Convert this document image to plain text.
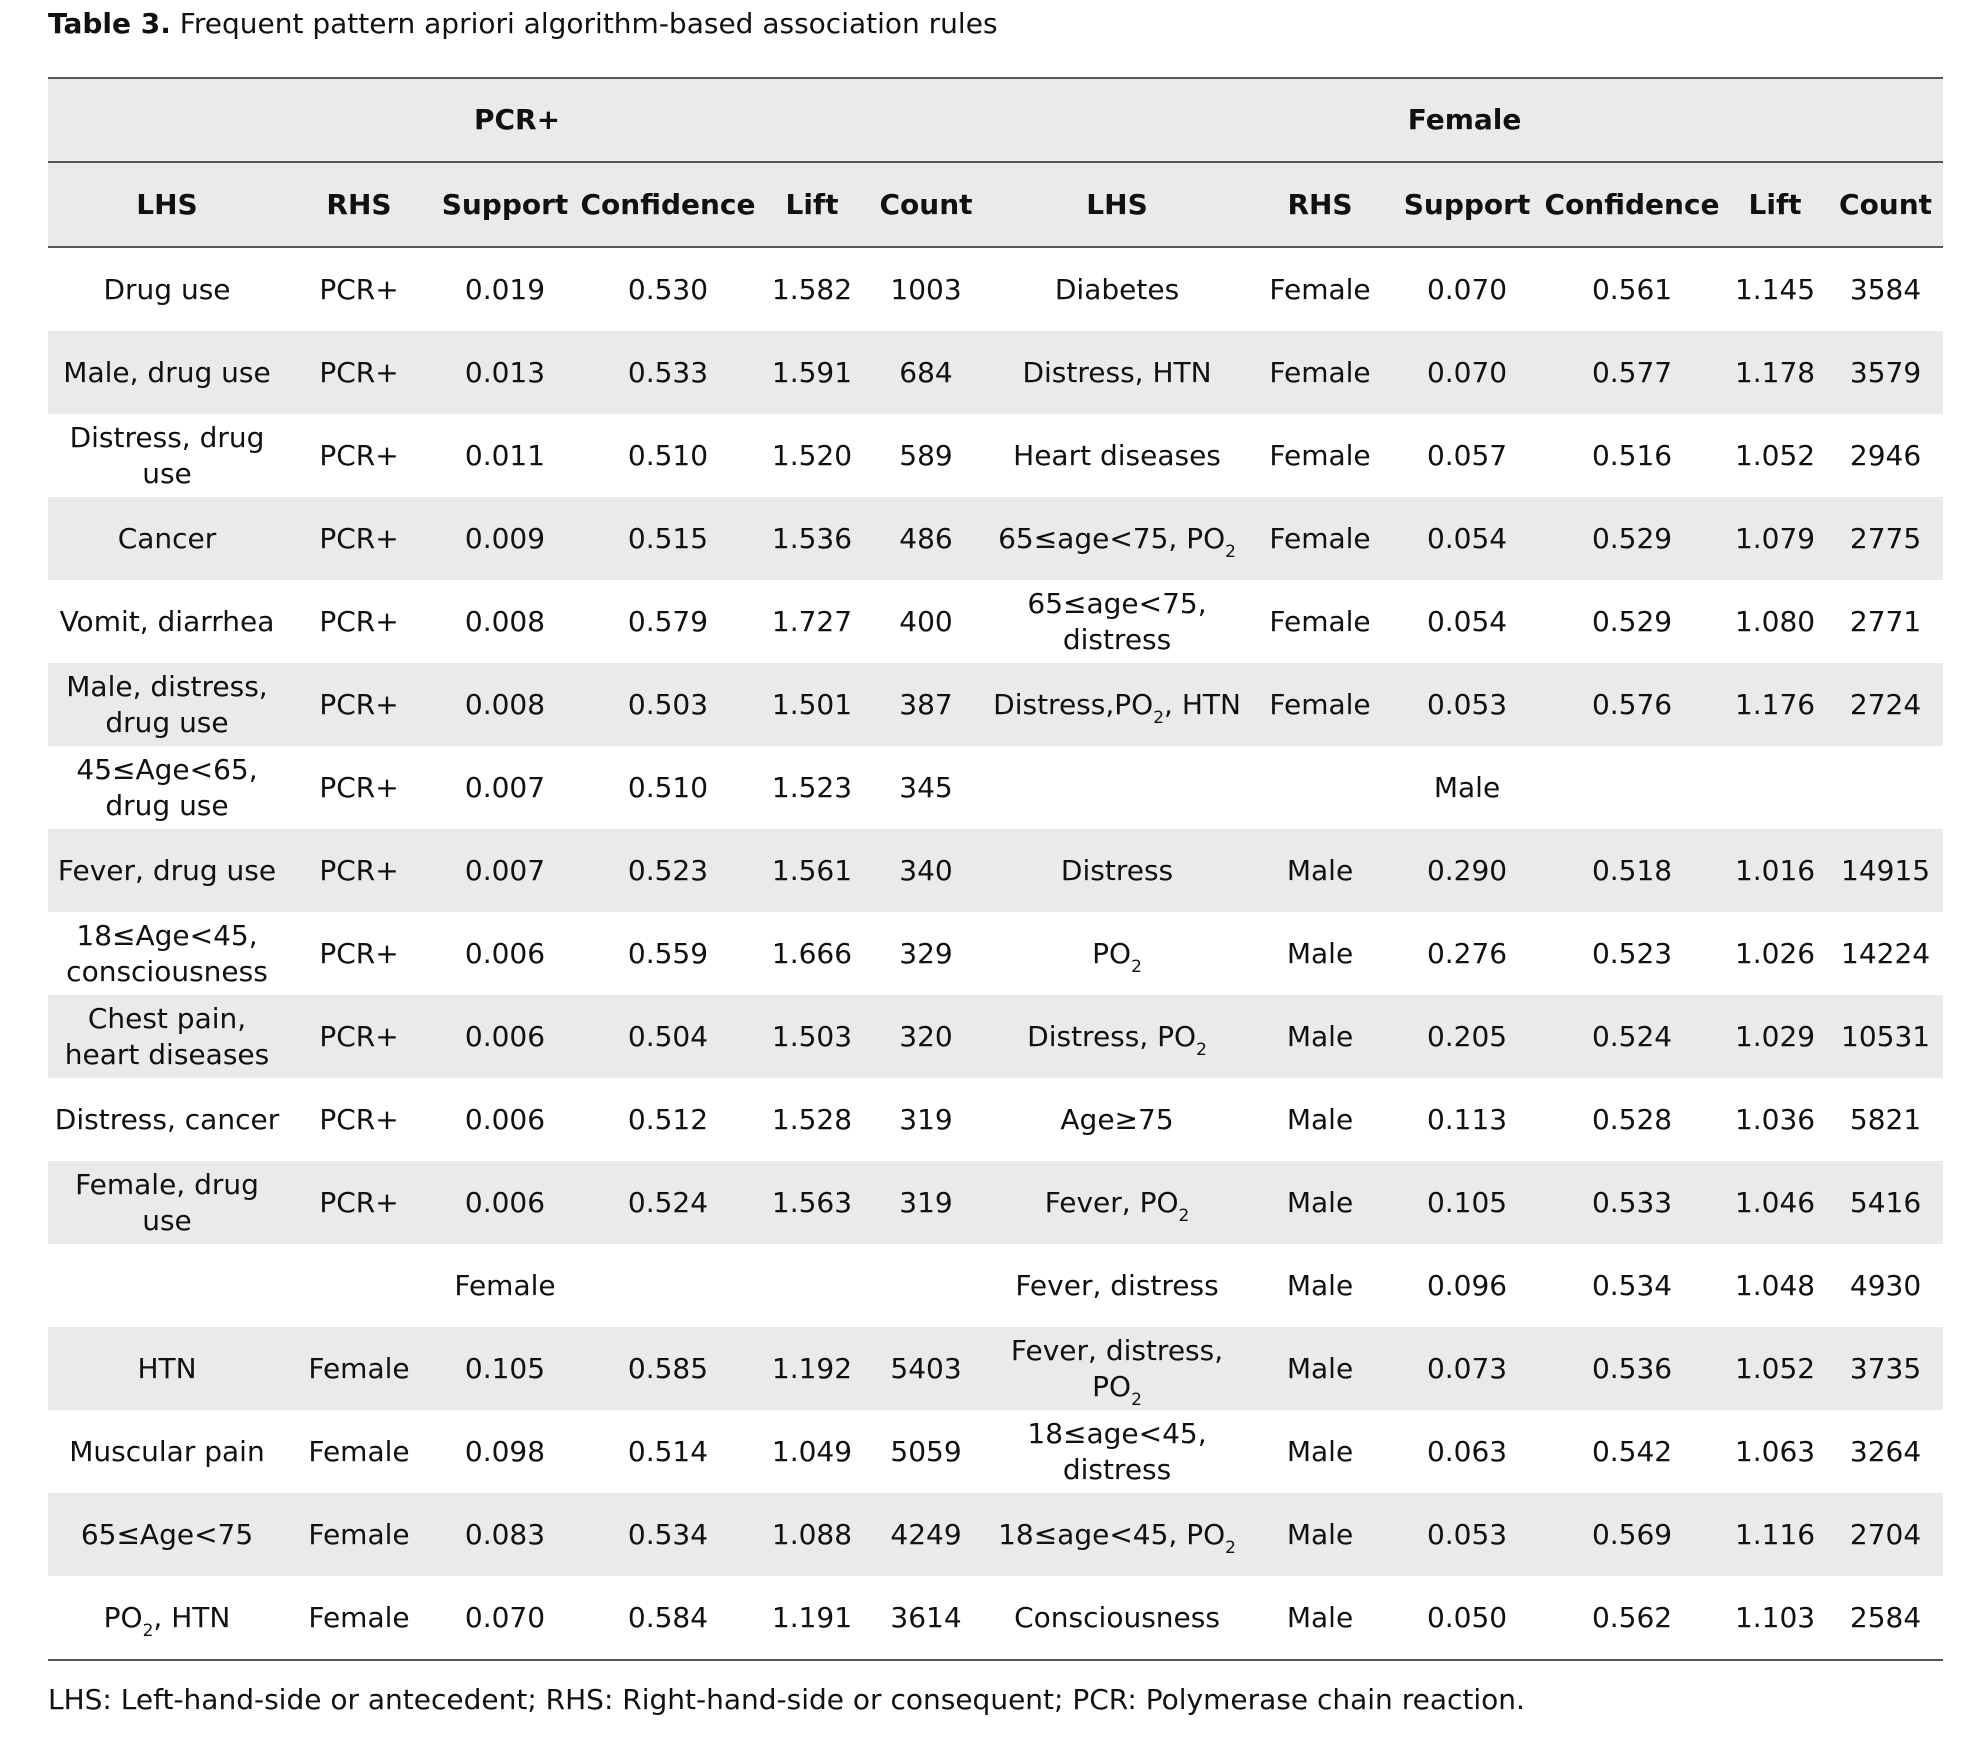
Table 3. Frequent pattern apriori algorithm-based association rules
PCR+						Female					
LHS	RHS	Support	Confidence	Lift	Count	LHS	RHS	Support	Confidence	Lift	Count
Drug use	PCR+	0.019	0.530	1.582	1003	Diabetes	Female	0.070	0.561	1.145	3584
Male, drug use	PCR+	0.013	0.533	1.591	684	Distress, HTN	Female	0.070	0.577	1.178	3579
Distress, drug use	PCR+	0.011	0.510	1.520	589	Heart diseases	Female	0.057	0.516	1.052	2946
Cancer	PCR+	0.009	0.515	1.536	486	65≤age<75, $PO_2$	Female	0.054	0.529	1.079	2775
Vomit, diarrhea	PCR+	0.008	0.579	1.727	400	65≤age<75, distress	Female	0.054	0.529	1.080	2771
Male, distress, drug use	PCR+	0.008	0.503	1.501	387	$Distress,PO_2$, HTN	Female	0.053	0.576	1.176	2724
45≤Age<65, drug use	PCR+	0.007	0.510	1.523	345			Male			
Fever, drug use	PCR+	0.007	0.523	1.561	340	Distress	Male	0.290	0.518	1.016	14915
18≤Age<45, consciousness	PCR+	0.006	0.559	1.666	329	$PO_2$	Male	0.276	0.523	1.026	14224
Chest pain, heart diseases	PCR+	0.006	0.504	1.503	320	Distress, $PO_2$	Male	0.205	0.524	1.029	10531
Distress, cancer	PCR+	0.006	0.512	1.528	319	Age≥75	Male	0.113	0.528	1.036	5821
Female, drug use	PCR+	0.006	0.524	1.563	319	Fever, $PO_2$	Male	0.105	0.533	1.046	5416
		Female				Fever, distress	Male	0.096	0.534	1.048	4930
HTN	Female	0.105	0.585	1.192	5403	Fever, distress, $PO_2$	Male	0.073	0.536	1.052	3735
Muscular pain	Female	0.098	0.514	1.049	5059	18≤age<45, distress	Male	0.063	0.542	1.063	3264
65≤Age<75	Female	0.083	0.534	1.088	4249	18≤age<45, $PO_2$	Male	0.053	0.569	1.116	2704
$PO_2$, HTN	Female	0.070	0.584	1.191	3614	Consciousness	Male	0.050	0.562	1.103	2584
LHS: Left-hand-side or antecedent; RHS: Right-hand-side or consequent; PCR: Polymerase chain reaction.
